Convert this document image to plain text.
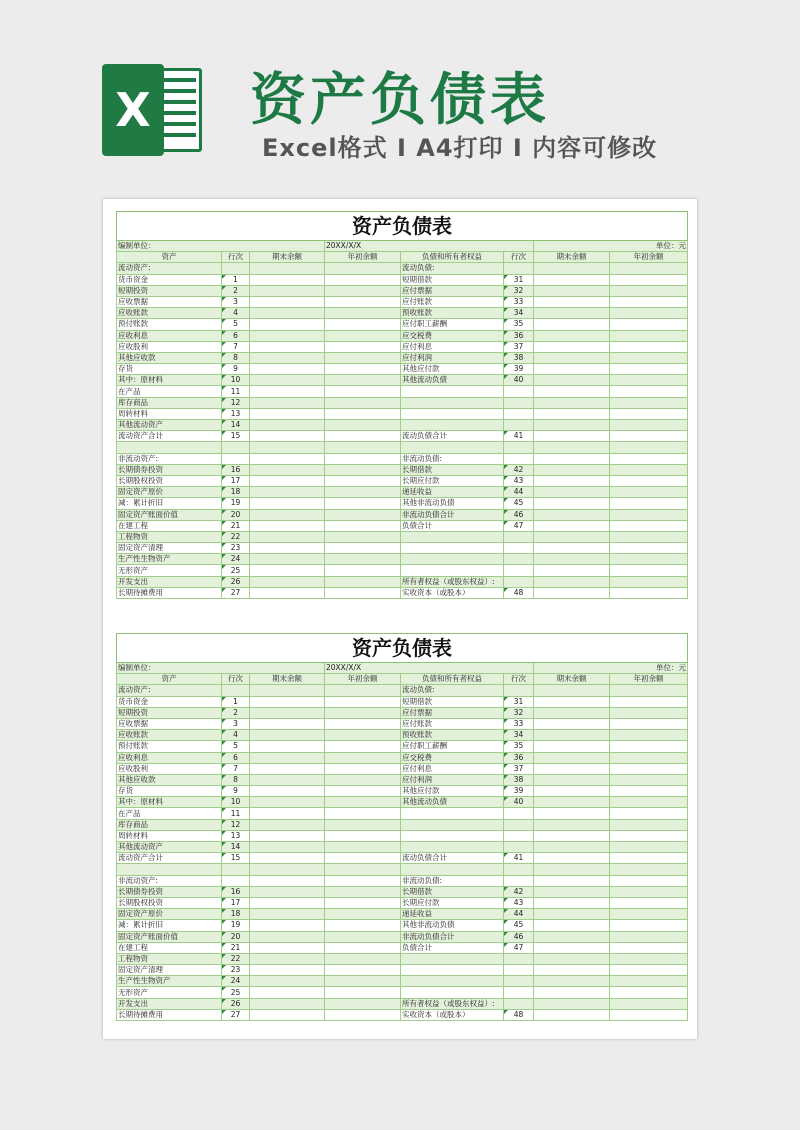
X 资产负债表
Excel格式 I A4打印 I 内容可修改
资产负债表							
编制单位：			20XX/X/X			单位：元	
资产	行次	期末余额	年初余额	负债和所有者权益	行次	期末余额	年初余额
流动资产:				流动负债:			
货币资金	1			短期借款	31		
短期投资	2			应付票据	32		
应收票据	3			应付账款	33		
应收账款	4			预收账款	34		
预付账款	5			应付职工薪酬	35		
应收利息	6			应交税费	36		
应收股利	7			应付利息	37		
其他应收款	8			应付利润	38		
存货	9			其他应付款	39		
其中：原材料	10			其他流动负债	40		
在产品	11						
库存商品	12						
周转材料	13						
其他流动资产	14						
流动资产合计	15			流动负债合计	41		

非流动资产:				非流动负债:			
长期债券投资	16			长期借款	42		
长期股权投资	17			长期应付款	43		
固定资产原价	18			递延收益	44		
减：累计折旧	19			其他非流动负债	45		
固定资产账面价值	20			非流动负债合计	46		
在建工程	21			负债合计	47		
工程物资	22						
固定资产清理	23						
生产性生物资产	24						
无形资产	25						
开发支出	26			所有者权益（或股东权益）:			
长期待摊费用	27			实收资本（或股本）	48		
资产负债表							
编制单位：			20XX/X/X			单位：元	
资产	行次	期末余额	年初余额	负债和所有者权益	行次	期末余额	年初余额
流动资产:				流动负债:			
货币资金	1			短期借款	31		
短期投资	2			应付票据	32		
应收票据	3			应付账款	33		
应收账款	4			预收账款	34		
预付账款	5			应付职工薪酬	35		
应收利息	6			应交税费	36		
应收股利	7			应付利息	37		
其他应收款	8			应付利润	38		
存货	9			其他应付款	39		
其中：原材料	10			其他流动负债	40		
在产品	11						
库存商品	12						
周转材料	13						
其他流动资产	14						
流动资产合计	15			流动负债合计	41		

非流动资产:				非流动负债:			
长期债券投资	16			长期借款	42		
长期股权投资	17			长期应付款	43		
固定资产原价	18			递延收益	44		
减：累计折旧	19			其他非流动负债	45		
固定资产账面价值	20			非流动负债合计	46		
在建工程	21			负债合计	47		
工程物资	22						
固定资产清理	23						
生产性生物资产	24						
无形资产	25						
开发支出	26			所有者权益（或股东权益）:			
长期待摊费用	27			实收资本（或股本）	48		
